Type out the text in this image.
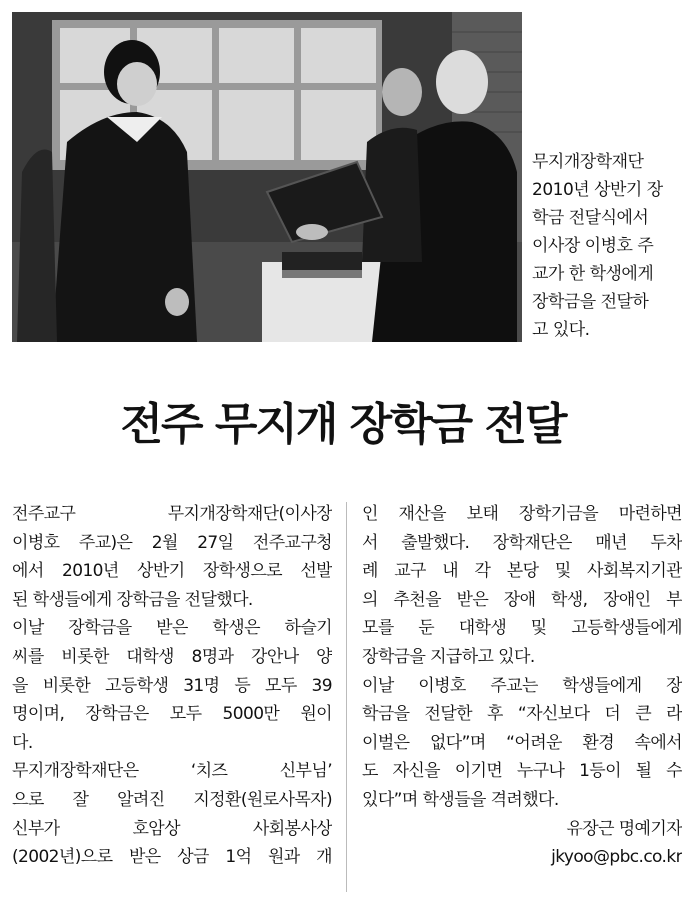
무지개장학재단
2010년 상반기 장
학금 전달식에서
이사장 이병호 주
교가 한 학생에게
장학금을 전달하
고 있다.
전주 무지개 장학금 전달
전주교구 무지개장학재단(이사장
이병호 주교)은 2월 27일 전주교구청
에서 2010년 상반기 장학생으로 선발
된 학생들에게 장학금을 전달했다.
이날 장학금을 받은 학생은 하슬기
씨를 비롯한 대학생 8명과 강안나 양
을 비롯한 고등학생 31명 등 모두 39
명이며, 장학금은 모두 5000만 원이
다.
무지개장학재단은 ‘치즈 신부님’
으로 잘 알려진 지정환(원로사목자)
신부가 호암상 사회봉사상
(2002년)으로 받은 상금 1억 원과 개
인 재산을 보태 장학기금을 마련하면
서 출발했다. 장학재단은 매년 두차
례 교구 내 각 본당 및 사회복지기관
의 추천을 받은 장애 학생, 장애인 부
모를 둔 대학생 및 고등학생들에게
장학금을 지급하고 있다.
이날 이병호 주교는 학생들에게 장
학금을 전달한 후 “자신보다 더 큰 라
이벌은 없다”며 “어려운 환경 속에서
도 자신을 이기면 누구나 1등이 될 수
있다”며 학생들을 격려했다.
유장근 명예기자
jkyoo@pbc.co.kr
